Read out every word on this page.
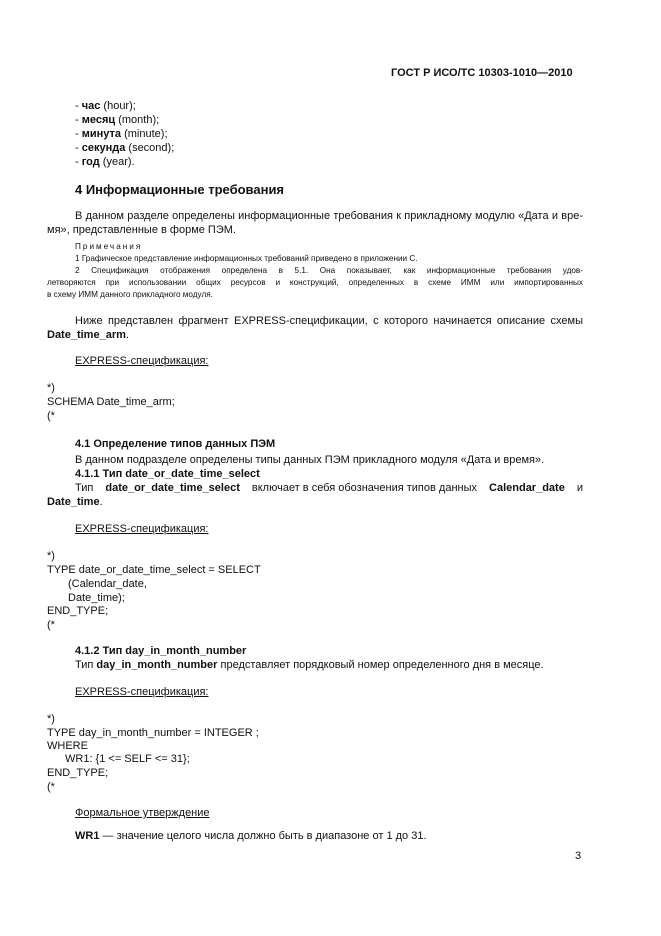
ГОСТ Р ИСО/ТС 10303-1010—2010
- час (hour);
- месяц (month);
- минута (minute);
- секунда (second);
- год (year).
4 Информационные требования
В данном разделе определены информационные требования к прикладному модулю «Дата и вре-
мя», представленные в форме ПЭМ.
Примечания
1 Графическое представление информационных требований приведено в приложении С.
2 Спецификация отображения определена в 5.1. Она показывает, как информационные требования удов-
летворяются при использовании общих ресурсов и конструкций, определенных в схеме ИММ или импортированных
в схему ИММ данного прикладного модуля.
Ниже представлен фрагмент EXPRESS-спецификации, с которого начинается описание схемы
Date_time_arm.
EXPRESS-спецификация:
*)
SCHEMA Date_time_arm;
(*
4.1 Определение типов данных ПЭМ
В данном подразделе определены типы данных ПЭМ прикладного модуля «Дата и время».
4.1.1 Тип date_or_date_time_select
Тип date_or_date_time_select включает в себя обозначения типов данных Calendar_date и
Date_time.
EXPRESS-спецификация:
*)
TYPE date_or_date_time_select = SELECT
(Calendar_date,
Date_time);
END_TYPE;
(*
4.1.2 Тип day_in_month_number
Тип day_in_month_number представляет порядковый номер определенного дня в месяце.
EXPRESS-спецификация:
*)
TYPE day_in_month_number = INTEGER ;
WHERE
WR1: {1 <= SELF <= 31};
END_TYPE;
(*
Формальное утверждение
WR1 — значение целого числа должно быть в диапазоне от 1 до 31.
3
